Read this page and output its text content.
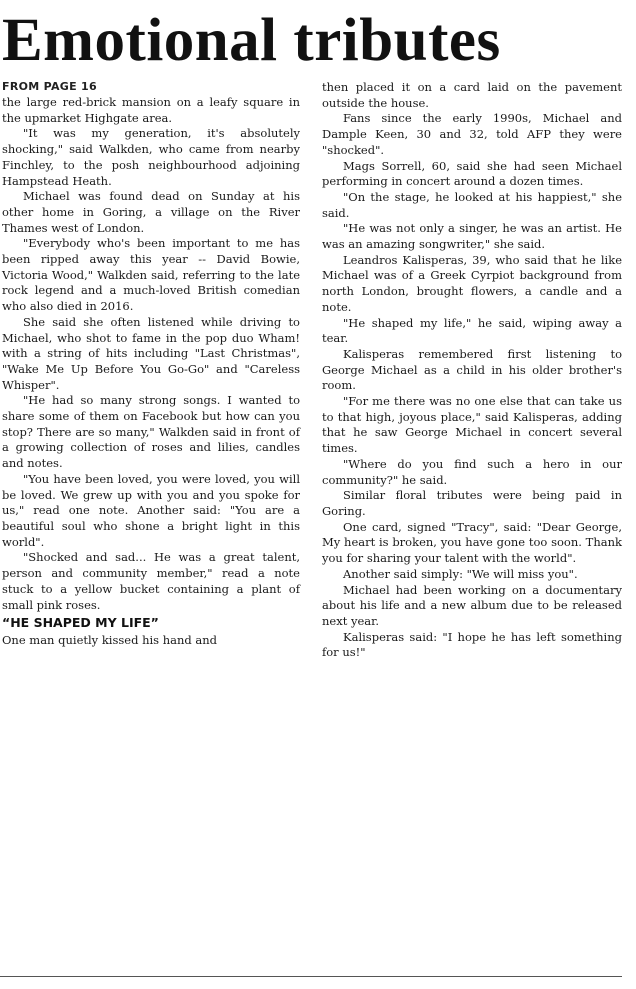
Emotional tributes

FROM PAGE 16

the large red-brick mansion on a leafy square in the upmarket Highgate area.

"It was my generation, it's absolutely shocking," said Walkden, who came from nearby Finchley, to the posh neighbourhood adjoining Hampstead Heath.

Michael was found dead on Sunday at his other home in Goring, a village on the River Thames west of London.

"Everybody who's been important to me has been ripped away this year -- David Bowie, Victoria Wood," Walkden said, referring to the late rock legend and a much-loved British comedian who also died in 2016.

She said she often listened while driving to Michael, who shot to fame in the pop duo Wham! with a string of hits including "Last Christmas", "Wake Me Up Before You Go-Go" and "Careless Whisper".

"He had so many strong songs. I wanted to share some of them on Facebook but how can you stop? There are so many," Walkden said in front of a growing collection of roses and lilies, candles and notes.

"You have been loved, you were loved, you will be loved. We grew up with you and you spoke for us," read one note. Another said: "You are a beautiful soul who shone a bright light in this world".

"Shocked and sad... He was a great talent, person and community member," read a note stuck to a yellow bucket containing a plant of small pink roses.

“HE SHAPED MY LIFE”

One man quietly kissed his hand and

then placed it on a card laid on the pavement outside the house.

Fans since the early 1990s, Michael and Dample Keen, 30 and 32, told AFP they were "shocked".

Mags Sorrell, 60, said she had seen Michael performing in concert around a dozen times.

"On the stage, he looked at his happiest," she said.

"He was not only a singer, he was an artist. He was an amazing songwriter," she said.

Leandros Kalisperas, 39, who said that he like Michael was of a Greek Cyrpiot background from north London, brought flowers, a candle and a note.

"He shaped my life," he said, wiping away a tear.

Kalisperas remembered first listening to George Michael as a child in his older brother's room.

"For me there was no one else that can take us to that high, joyous place," said Kalisperas, adding that he saw George Michael in concert several times.

"Where do you find such a hero in our community?" he said.

Similar floral tributes were being paid in Goring.

One card, signed "Tracy", said: "Dear George, My heart is broken, you have gone too soon. Thank you for sharing your talent with the world".

Another said simply: "We will miss you".

Michael had been working on a documentary about his life and a new album due to be released next year.

Kalisperas said: "I hope he has left something for us!"
